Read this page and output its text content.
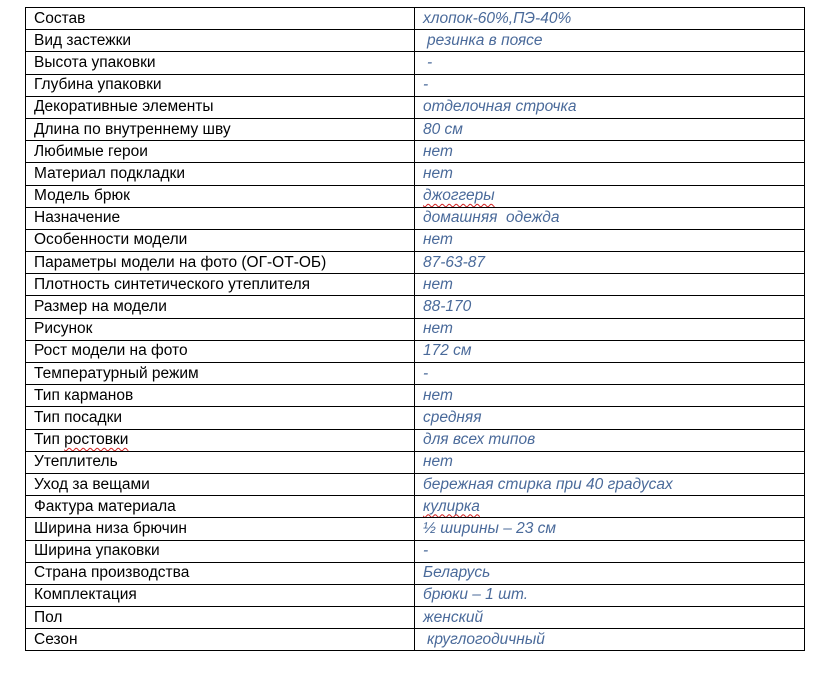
Состав	хлопок-60%,ПЭ-40%
Вид застежки	резинка в поясе
Высота упаковки	-
Глубина упаковки	-
Декоративные элементы	отделочная строчка
Длина по внутреннему шву	80 см
Любимые герои	нет
Материал подкладки	нет
Модель брюк	джоггеры
Назначение	домашняя  одежда
Особенности модели	нет
Параметры модели на фото (ОГ-ОТ-ОБ)	87-63-87
Плотность синтетического утеплителя	нет
Размер на модели	88-170
Рисунок	нет
Рост модели на фото	172 см
Температурный режим	-
Тип карманов	нет
Тип посадки	средняя
Тип ростовки	для всех типов
Утеплитель	нет
Уход за вещами	бережная стирка при 40 градусах
Фактура материала	кулирка
Ширина низа брючин	½ ширины – 23 см
Ширина упаковки	-
Страна производства	Беларусь
Комплектация	брюки – 1 шт.
Пол	женский
Сезон	круглогодичный
